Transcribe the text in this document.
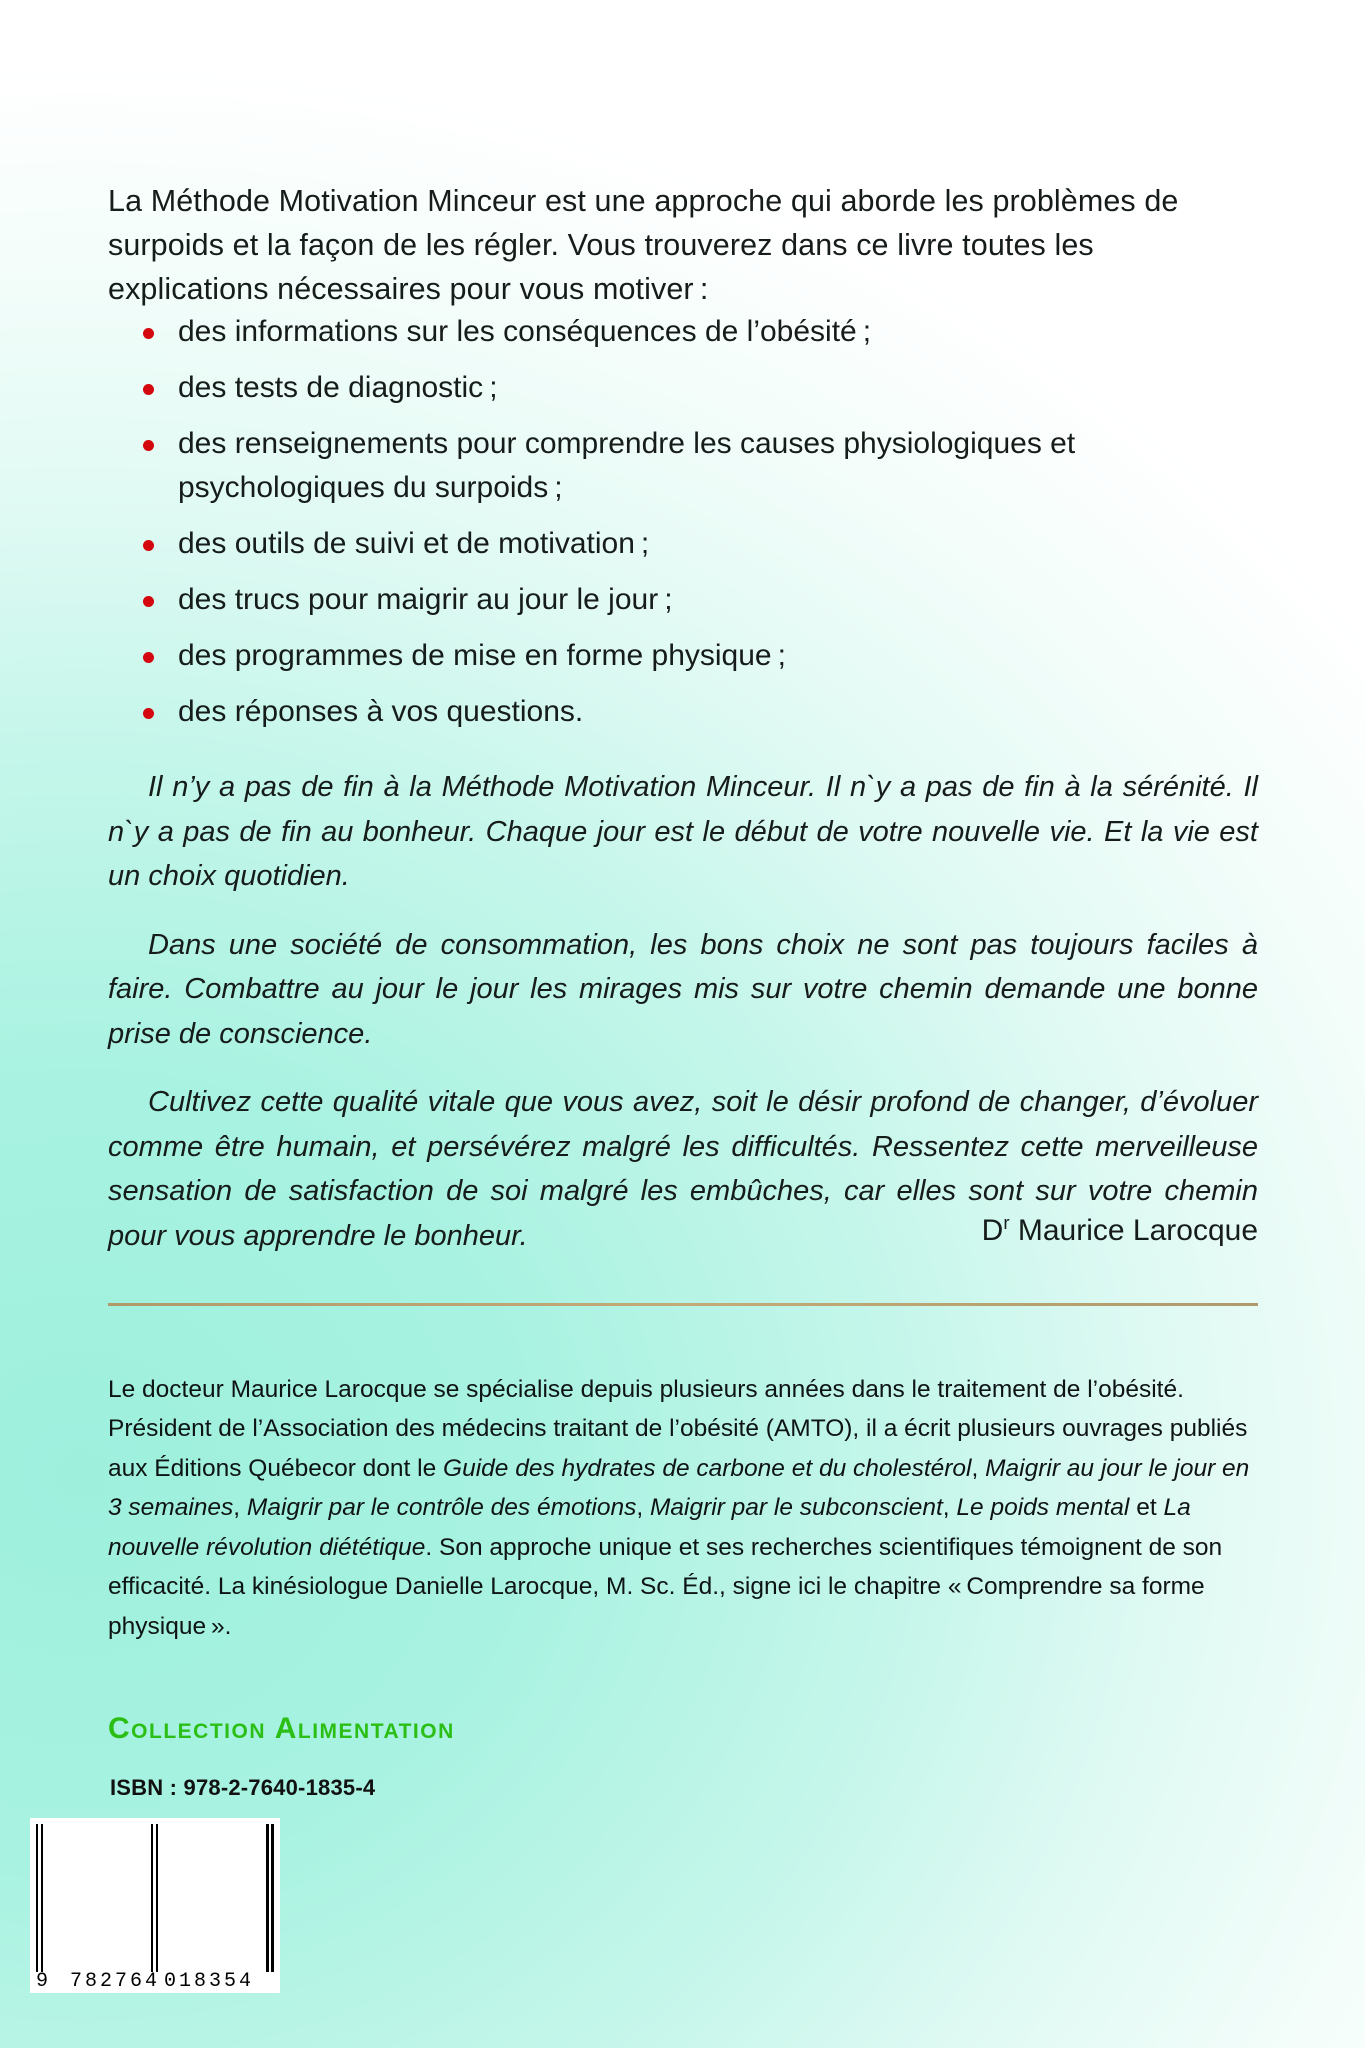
La Méthode Motivation Minceur est une approche qui aborde les problèmes de surpoids et la façon de les régler. Vous trouverez dans ce livre toutes les explications nécessaires pour vous motiver :

des informations sur les conséquences de l’obésité ;
des tests de diagnostic ;
des renseignements pour comprendre les causes physiologiques et psychologiques du surpoids ;
des outils de suivi et de motivation ;
des trucs pour maigrir au jour le jour ;
des programmes de mise en forme physique ;
des réponses à vos questions.

Il n’y a pas de fin à la Méthode Motivation Minceur. Il n`y a pas de fin à la sérénité. Il n`y a pas de fin au bonheur. Chaque jour est le début de votre nouvelle vie. Et la vie est un choix quotidien.

Dans une société de consommation, les bons choix ne sont pas toujours faciles à faire. Combattre au jour le jour les mirages mis sur votre chemin demande une bonne prise de conscience.

Cultivez cette qualité vitale que vous avez, soit le désir profond de changer, d’évoluer comme être humain, et persévérez malgré les difficultés. Ressentez cette merveilleuse sensation de satisfaction de soi malgré les embûches, car elles sont sur votre chemin pour vous apprendre le bonheur.	$D^r$ Maurice Larocque

Le docteur Maurice Larocque se spécialise depuis plusieurs années dans le traitement de l’obésité. Président de l’Association des médecins traitant de l’obésité (AMTO), il a écrit plusieurs ouvrages publiés aux Éditions Québecor dont le Guide des hydrates de carbone et du cholestérol, Maigrir au jour le jour en 3 semaines, Maigrir par le contrôle des émotions, Maigrir par le subconscient, Le poids mental et La nouvelle révolution diététique. Son approche unique et ses recherches scientifiques témoignent de son efficacité. La kinésiologue Danielle Larocque, M. Sc. Éd., signe ici le chapitre « Comprendre sa forme physique ».

Collection Alimentation
ISBN : 978-2-7640-1835-4
9 782764 018354
